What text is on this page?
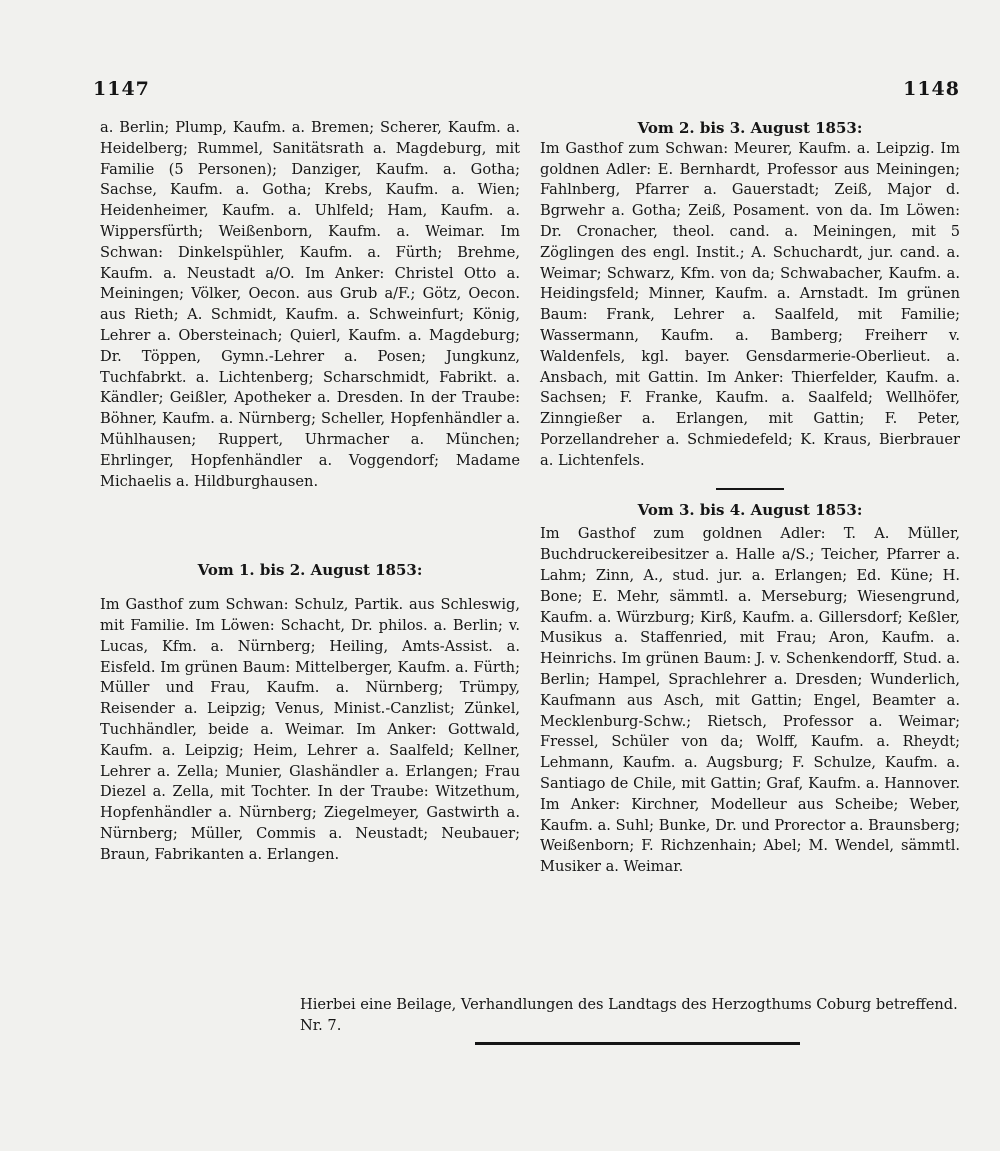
1147	1148

a. Berlin; Plump, Kaufm. a. Bremen; Scherer, Kaufm. a. Heidelberg; Rummel, Sanitätsrath a. Magdeburg, mit Familie (5 Personen); Danziger, Kaufm. a. Gotha; Sachse, Kaufm. a. Gotha; Krebs, Kaufm. a. Wien; Heidenheimer, Kaufm. a. Uhlfeld; Ham, Kaufm. a. Wippersfürth; Weißenborn, Kaufm. a. Weimar. Im Schwan: Dinkelspühler, Kaufm. a. Fürth; Brehme, Kaufm. a. Neustadt a/O. Im Anker: Christel Otto a. Meiningen; Völker, Oecon. aus Grub a/F.; Götz, Oecon. aus Rieth; A. Schmidt, Kaufm. a. Schweinfurt; König, Lehrer a. Obersteinach; Quierl, Kaufm. a. Magdeburg; Dr. Töppen, Gymn.-Lehrer a. Posen; Jungkunz, Tuchfabrkt. a. Lichtenberg; Scharschmidt, Fabrikt. a. Kändler; Geißler, Apotheker a. Dresden. In der Traube: Böhner, Kaufm. a. Nürnberg; Scheller, Hopfenhändler a. Mühlhausen; Ruppert, Uhrmacher a. München; Ehrlinger, Hopfenhändler a. Voggendorf; Madame Michaelis a. Hildburghausen.

Vom 1. bis 2. August 1853:

Im Gasthof zum Schwan: Schulz, Partik. aus Schleswig, mit Familie. Im Löwen: Schacht, Dr. philos. a. Berlin; v. Lucas, Kfm. a. Nürnberg; Heiling, Amts-Assist. a. Eisfeld. Im grünen Baum: Mittelberger, Kaufm. a. Fürth; Müller und Frau, Kaufm. a. Nürnberg; Trümpy, Reisender a. Leipzig; Venus, Minist.-Canzlist; Zünkel, Tuchhändler, beide a. Weimar. Im Anker: Gottwald, Kaufm. a. Leipzig; Heim, Lehrer a. Saalfeld; Kellner, Lehrer a. Zella; Munier, Glashändler a. Erlangen; Frau Diezel a. Zella, mit Tochter. In der Traube: Witzethum, Hopfenhändler a. Nürnberg; Ziegelmeyer, Gastwirth a. Nürnberg; Müller, Commis a. Neustadt; Neubauer; Braun, Fabrikanten a. Erlangen.

Vom 2. bis 3. August 1853:

Im Gasthof zum Schwan: Meurer, Kaufm. a. Leipzig. Im goldnen Adler: E. Bernhardt, Professor aus Meiningen; Fahlnberg, Pfarrer a. Gauerstadt; Zeiß, Major d. Bgrwehr a. Gotha; Zeiß, Posament. von da. Im Löwen: Dr. Cronacher, theol. cand. a. Meiningen, mit 5 Zöglingen des engl. Instit.; A. Schuchardt, jur. cand. a. Weimar; Schwarz, Kfm. von da; Schwabacher, Kaufm. a. Heidingsfeld; Minner, Kaufm. a. Arnstadt. Im grünen Baum: Frank, Lehrer a. Saalfeld, mit Familie; Wassermann, Kaufm. a. Bamberg; Freiherr v. Waldenfels, kgl. bayer. Gensdarmerie-Oberlieut. a. Ansbach, mit Gattin. Im Anker: Thierfelder, Kaufm. a. Sachsen; F. Franke, Kaufm. a. Saalfeld; Wellhöfer, Zinngießer a. Erlangen, mit Gattin; F. Peter, Porzellandreher a. Schmiedefeld; K. Kraus, Bierbrauer a. Lichtenfels.

Vom 3. bis 4. August 1853:

Im Gasthof zum goldnen Adler: T. A. Müller, Buchdruckereibesitzer a. Halle a/S.; Teicher, Pfarrer a. Lahm; Zinn, A., stud. jur. a. Erlangen; Ed. Küne; H. Bone; E. Mehr, sämmtl. a. Merseburg; Wiesengrund, Kaufm. a. Würzburg; Kirß, Kaufm. a. Gillersdorf; Keßler, Musikus a. Staffenried, mit Frau; Aron, Kaufm. a. Heinrichs. Im grünen Baum: J. v. Schenkendorff, Stud. a. Berlin; Hampel, Sprachlehrer a. Dresden; Wunderlich, Kaufmann aus Asch, mit Gattin; Engel, Beamter a. Mecklenburg-Schw.; Rietsch, Professor a. Weimar; Fressel, Schüler von da; Wolff, Kaufm. a. Rheydt; Lehmann, Kaufm. a. Augsburg; F. Schulze, Kaufm. a. Santiago de Chile, mit Gattin; Graf, Kaufm. a. Hannover. Im Anker: Kirchner, Modelleur aus Scheibe; Weber, Kaufm. a. Suhl; Bunke, Dr. und Prorector a. Braunsberg; Weißenborn; F. Richzenhain; Abel; M. Wendel, sämmtl. Musiker a. Weimar.

Hierbei eine Beilage, Verhandlungen des Landtags des Herzogthums Coburg betreffend. Nr. 7.
